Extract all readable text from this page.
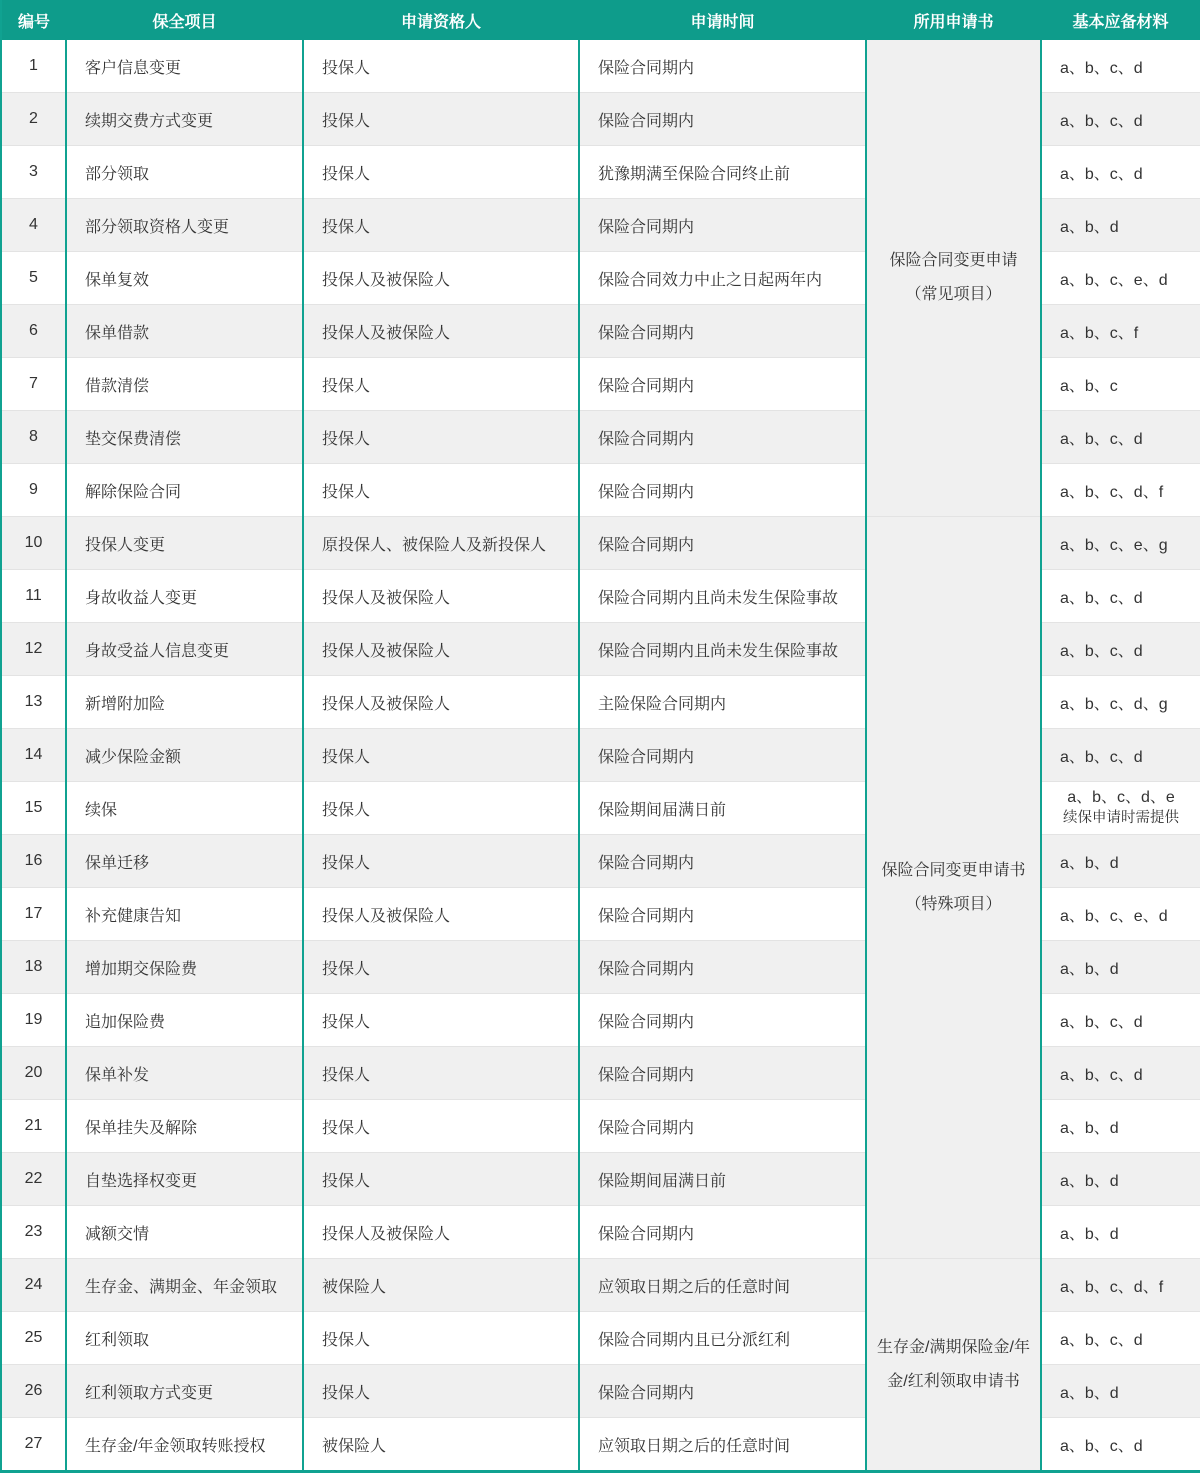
编号	保全项目	申请资格人	申请时间	所用申请书	基本应备材料
1	客户信息变更	投保人	保险合同期内	保险合同变更申请（常见项目）	a、b、c、d
2	续期交费方式变更	投保人	保险合同期内		a、b、c、d
3	部分领取	投保人	犹豫期满至保险合同终止前		a、b、c、d
4	部分领取资格人变更	投保人	保险合同期内		a、b、d
5	保单复效	投保人及被保险人	保险合同效力中止之日起两年内		a、b、c、e、d
6	保单借款	投保人及被保险人	保险合同期内		a、b、c、f
7	借款清偿	投保人	保险合同期内		a、b、c
8	垫交保费清偿	投保人	保险合同期内		a、b、c、d
9	解除保险合同	投保人	保险合同期内		a、b、c、d、f
10	投保人变更	原投保人、被保险人及新投保人	保险合同期内	保险合同变更申请书（特殊项目）	a、b、c、e、g
11	身故收益人变更	投保人及被保险人	保险合同期内且尚未发生保险事故		a、b、c、d
12	身故受益人信息变更	投保人及被保险人	保险合同期内且尚未发生保险事故		a、b、c、d
13	新增附加险	投保人及被保险人	主险保险合同期内		a、b、c、d、g
14	减少保险金额	投保人	保险合同期内		a、b、c、d
15	续保	投保人	保险期间届满日前		a、b、c、d、e
续保申请时需提供

16	保单迁移	投保人	保险合同期内		a、b、d
17	补充健康告知	投保人及被保险人	保险合同期内		a、b、c、e、d
18	增加期交保险费	投保人	保险合同期内		a、b、d
19	追加保险费	投保人	保险合同期内		a、b、c、d
20	保单补发	投保人	保险合同期内		a、b、c、d
21	保单挂失及解除	投保人	保险合同期内		a、b、d
22	自垫选择权变更	投保人	保险期间届满日前		a、b、d
23	减额交情	投保人及被保险人	保险合同期内		a、b、d
24	生存金、满期金、年金领取	被保险人	应领取日期之后的任意时间	生存金/满期保险金/年金/红利领取申请书	a、b、c、d、f
25	红利领取	投保人	保险合同期内且已分派红利		a、b、c、d
26	红利领取方式变更	投保人	保险合同期内		a、b、d
27	生存金/年金领取转账授权	被保险人	应领取日期之后的任意时间		a、b、c、d
